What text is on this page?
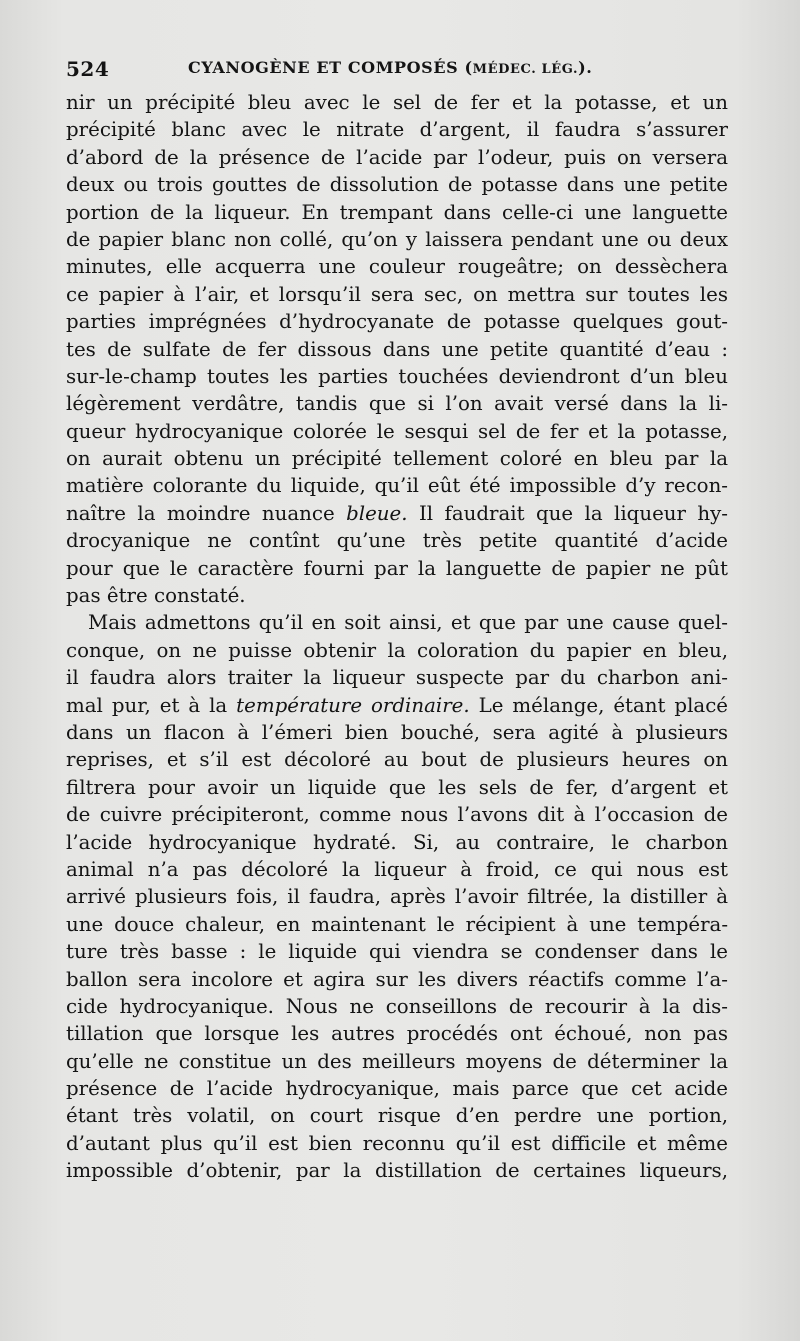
524	CYANOGÈNE ET COMPOSÉS (MÉDEC. LÉG.).
nir un précipité bleu avec le sel de fer et la potasse, et un
précipité blanc avec le nitrate d’argent, il faudra s’assurer
d’abord de la présence de l’acide par l’odeur, puis on versera
deux ou trois gouttes de dissolution de potasse dans une petite
portion de la liqueur. En trempant dans celle-ci une languette
de papier blanc non collé, qu’on y laissera pendant une ou deux
minutes, elle acquerra une couleur rougeâtre; on dessèchera
ce papier à l’air, et lorsqu’il sera sec, on mettra sur toutes les
parties imprégnées d’hydrocyanate de potasse quelques gout-
tes de sulfate de fer dissous dans une petite quantité d’eau :
sur-le-champ toutes les parties touchées deviendront d’un bleu
légèrement verdâtre, tandis que si l’on avait versé dans la li-
queur hydrocyanique colorée le sesqui sel de fer et la potasse,
on aurait obtenu un précipité tellement coloré en bleu par la
matière colorante du liquide, qu’il eût été impossible d’y recon-
naître la moindre nuance bleue. Il faudrait que la liqueur hy-
drocyanique ne contînt qu’une très petite quantité d’acide
pour que le caractère fourni par la languette de papier ne pût
pas être constaté.
Mais admettons qu’il en soit ainsi, et que par une cause quel-
conque, on ne puisse obtenir la coloration du papier en bleu,
il faudra alors traiter la liqueur suspecte par du charbon ani-
mal pur, et à la température ordinaire. Le mélange, étant placé
dans un flacon à l’émeri bien bouché, sera agité à plusieurs
reprises, et s’il est décoloré au bout de plusieurs heures on
filtrera pour avoir un liquide que les sels de fer, d’argent et
de cuivre précipiteront, comme nous l’avons dit à l’occasion de
l’acide hydrocyanique hydraté. Si, au contraire, le charbon
animal n’a pas décoloré la liqueur à froid, ce qui nous est
arrivé plusieurs fois, il faudra, après l’avoir filtrée, la distiller à
une douce chaleur, en maintenant le récipient à une tempéra-
ture très basse : le liquide qui viendra se condenser dans le
ballon sera incolore et agira sur les divers réactifs comme l’a-
cide hydrocyanique. Nous ne conseillons de recourir à la dis-
tillation que lorsque les autres procédés ont échoué, non pas
qu’elle ne constitue un des meilleurs moyens de déterminer la
présence de l’acide hydrocyanique, mais parce que cet acide
étant très volatil, on court risque d’en perdre une portion,
d’autant plus qu’il est bien reconnu qu’il est difficile et même
impossible d’obtenir, par la distillation de certaines liqueurs,
